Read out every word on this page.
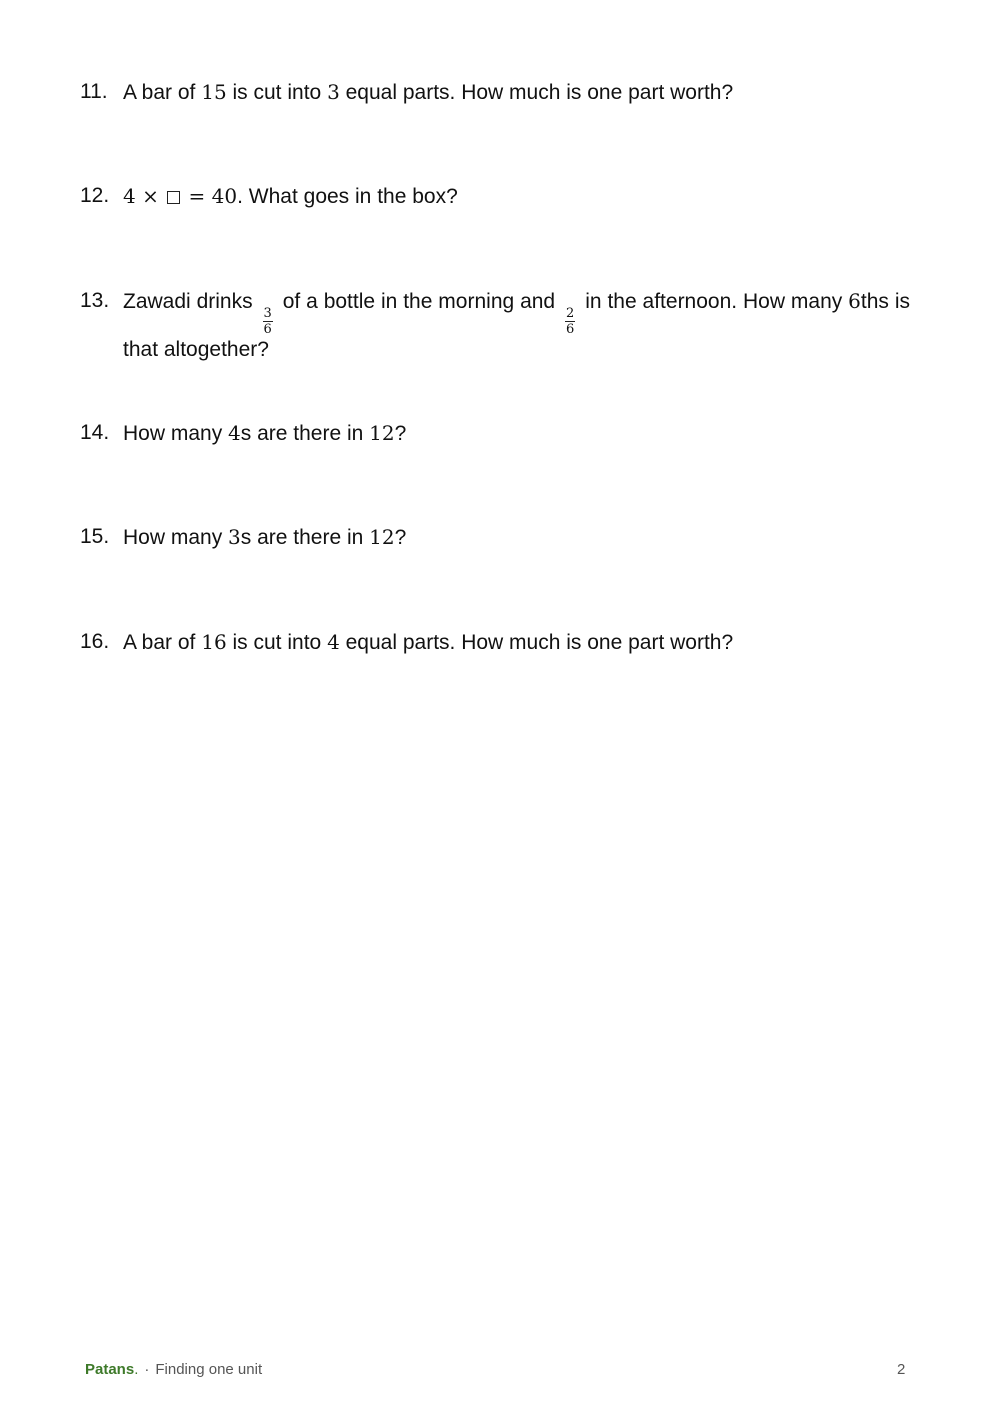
11. A bar of 15 is cut into 3 equal parts. How much is one part worth?
12. 4 ×  = 40. What goes in the box?
13. Zawadi drinks
$\frac{3}{6}$
of a bottle in the morning and
$\frac{2}{6}$
in the afternoon. How many 6ths is that altogether?
14. How many 4s are there in 12?
15. How many 3s are there in 12?
16. A bar of 16 is cut into 4 equal parts. How much is one part worth?
Patans . · Finding one unit	2
